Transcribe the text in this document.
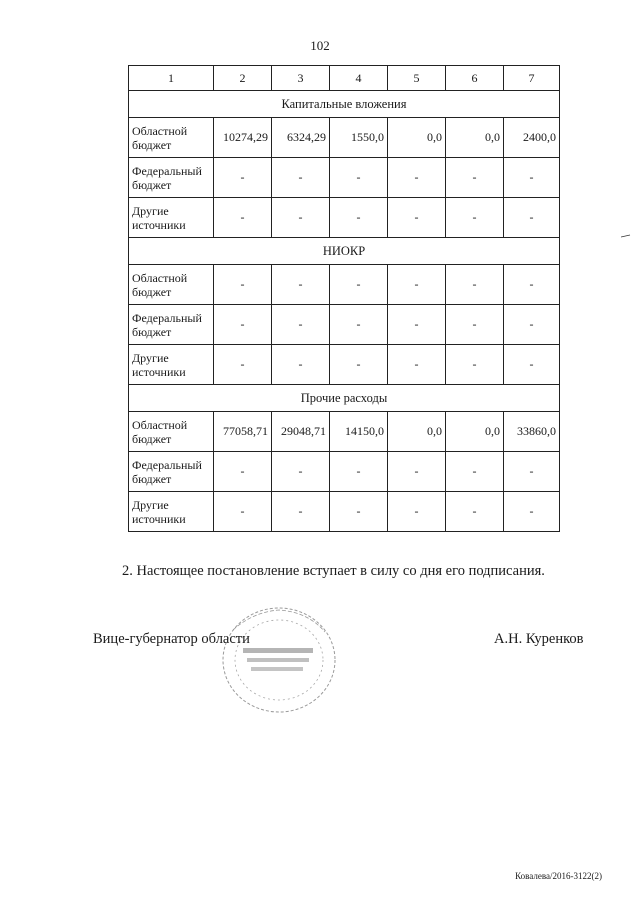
102
1	2	3	4	5	6	7
Капитальные вложения						
Областной бюджет	10274,29	6324,29	1550,0	0,0	0,0	2400,0
Федеральный бюджет	-	-	-	-	-	-
Другие источники	-	-	-	-	-	-
НИОКР						
Областной бюджет	-	-	-	-	-	-
Федеральный бюджет	-	-	-	-	-	-
Другие источники	-	-	-	-	-	-
Прочие расходы						
Областной бюджет	77058,71	29048,71	14150,0	0,0	0,0	33860,0
Федеральный бюджет	-	-	-	-	-	-
Другие источники	-	-	-	-	-	-
2. Настоящее постановление вступает в силу со дня его подписания.
Вице-губернатор области	А.Н. Куренков
Ковалева/2016-3122(2)
